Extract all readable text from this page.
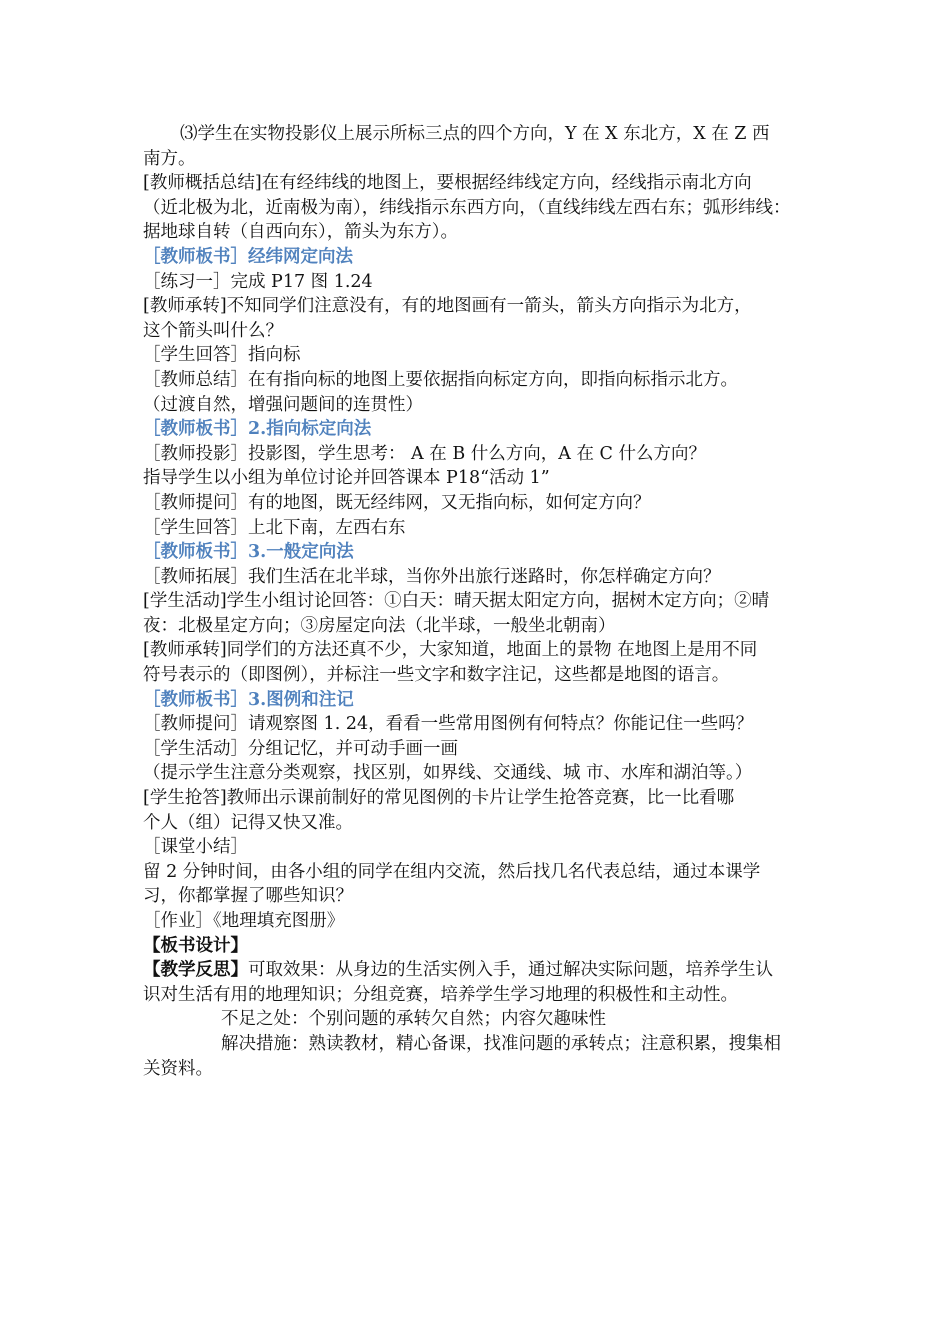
⑶学生在实物投影仪上展示所标三点的四个方向，Y 在 X 东北方，X 在 Z 西
南方。
[教师概括总结]在有经纬线的地图上，要根据经纬线定方向，经线指示南北方向
（近北极为北，近南极为南），纬线指示东西方向，（直线纬线左西右东；弧形纬线：
据地球自转（自西向东），箭头为东方）。
［教师板书］经纬网定向法
［练习一］完成 P17 图 1.24
[教师承转]不知同学们注意没有，有的地图画有一箭头，箭头方向指示为北方，
这个箭头叫什么？
［学生回答］指向标
［教师总结］在有指向标的地图上要依据指向标定方向，即指向标指示北方。
（过渡自然，增强问题间的连贯性）
［教师板书］2.指向标定向法
［教师投影］投影图，学生思考： A 在 B 什么方向，A 在 C 什么方向？
指导学生以小组为单位讨论并回答课本 P18“活动 1”
［教师提问］有的地图，既无经纬网，又无指向标，如何定方向？
［学生回答］上北下南，左西右东
［教师板书］3.一般定向法
［教师拓展］我们生活在北半球，当你外出旅行迷路时，你怎样确定方向？
[学生活动]学生小组讨论回答：①白天：晴天据太阳定方向，据树木定方向；②晴
夜：北极星定方向；③房屋定向法（北半球，一般坐北朝南）
[教师承转]同学们的方法还真不少，大家知道，地面上的景物 在地图上是用不同
符号表示的（即图例），并标注一些文字和数字注记，这些都是地图的语言。
［教师板书］3.图例和注记
［教师提问］请观察图 1. 24，看看一些常用图例有何特点？你能记住一些吗？
［学生活动］分组记忆，并可动手画一画
（提示学生注意分类观察，找区别，如界线、交通线、城 市、水库和湖泊等。）
[学生抢答]教师出示课前制好的常见图例的卡片让学生抢答竞赛，比一比看哪
个人（组）记得又快又准。
［课堂小结］
留 2 分钟时间，由各小组的同学在组内交流，然后找几名代表总结，通过本课学
习，你都掌握了哪些知识？
［作业］《地理填充图册》
【板书设计】
【教学反思】可取效果：从身边的生活实例入手，通过解决实际问题，培养学生认
识对生活有用的地理知识；分组竞赛，培养学生学习地理的积极性和主动性。
不足之处：个别问题的承转欠自然；内容欠趣味性
解决措施：熟读教材，精心备课，找准问题的承转点；注意积累，搜集相
关资料。
